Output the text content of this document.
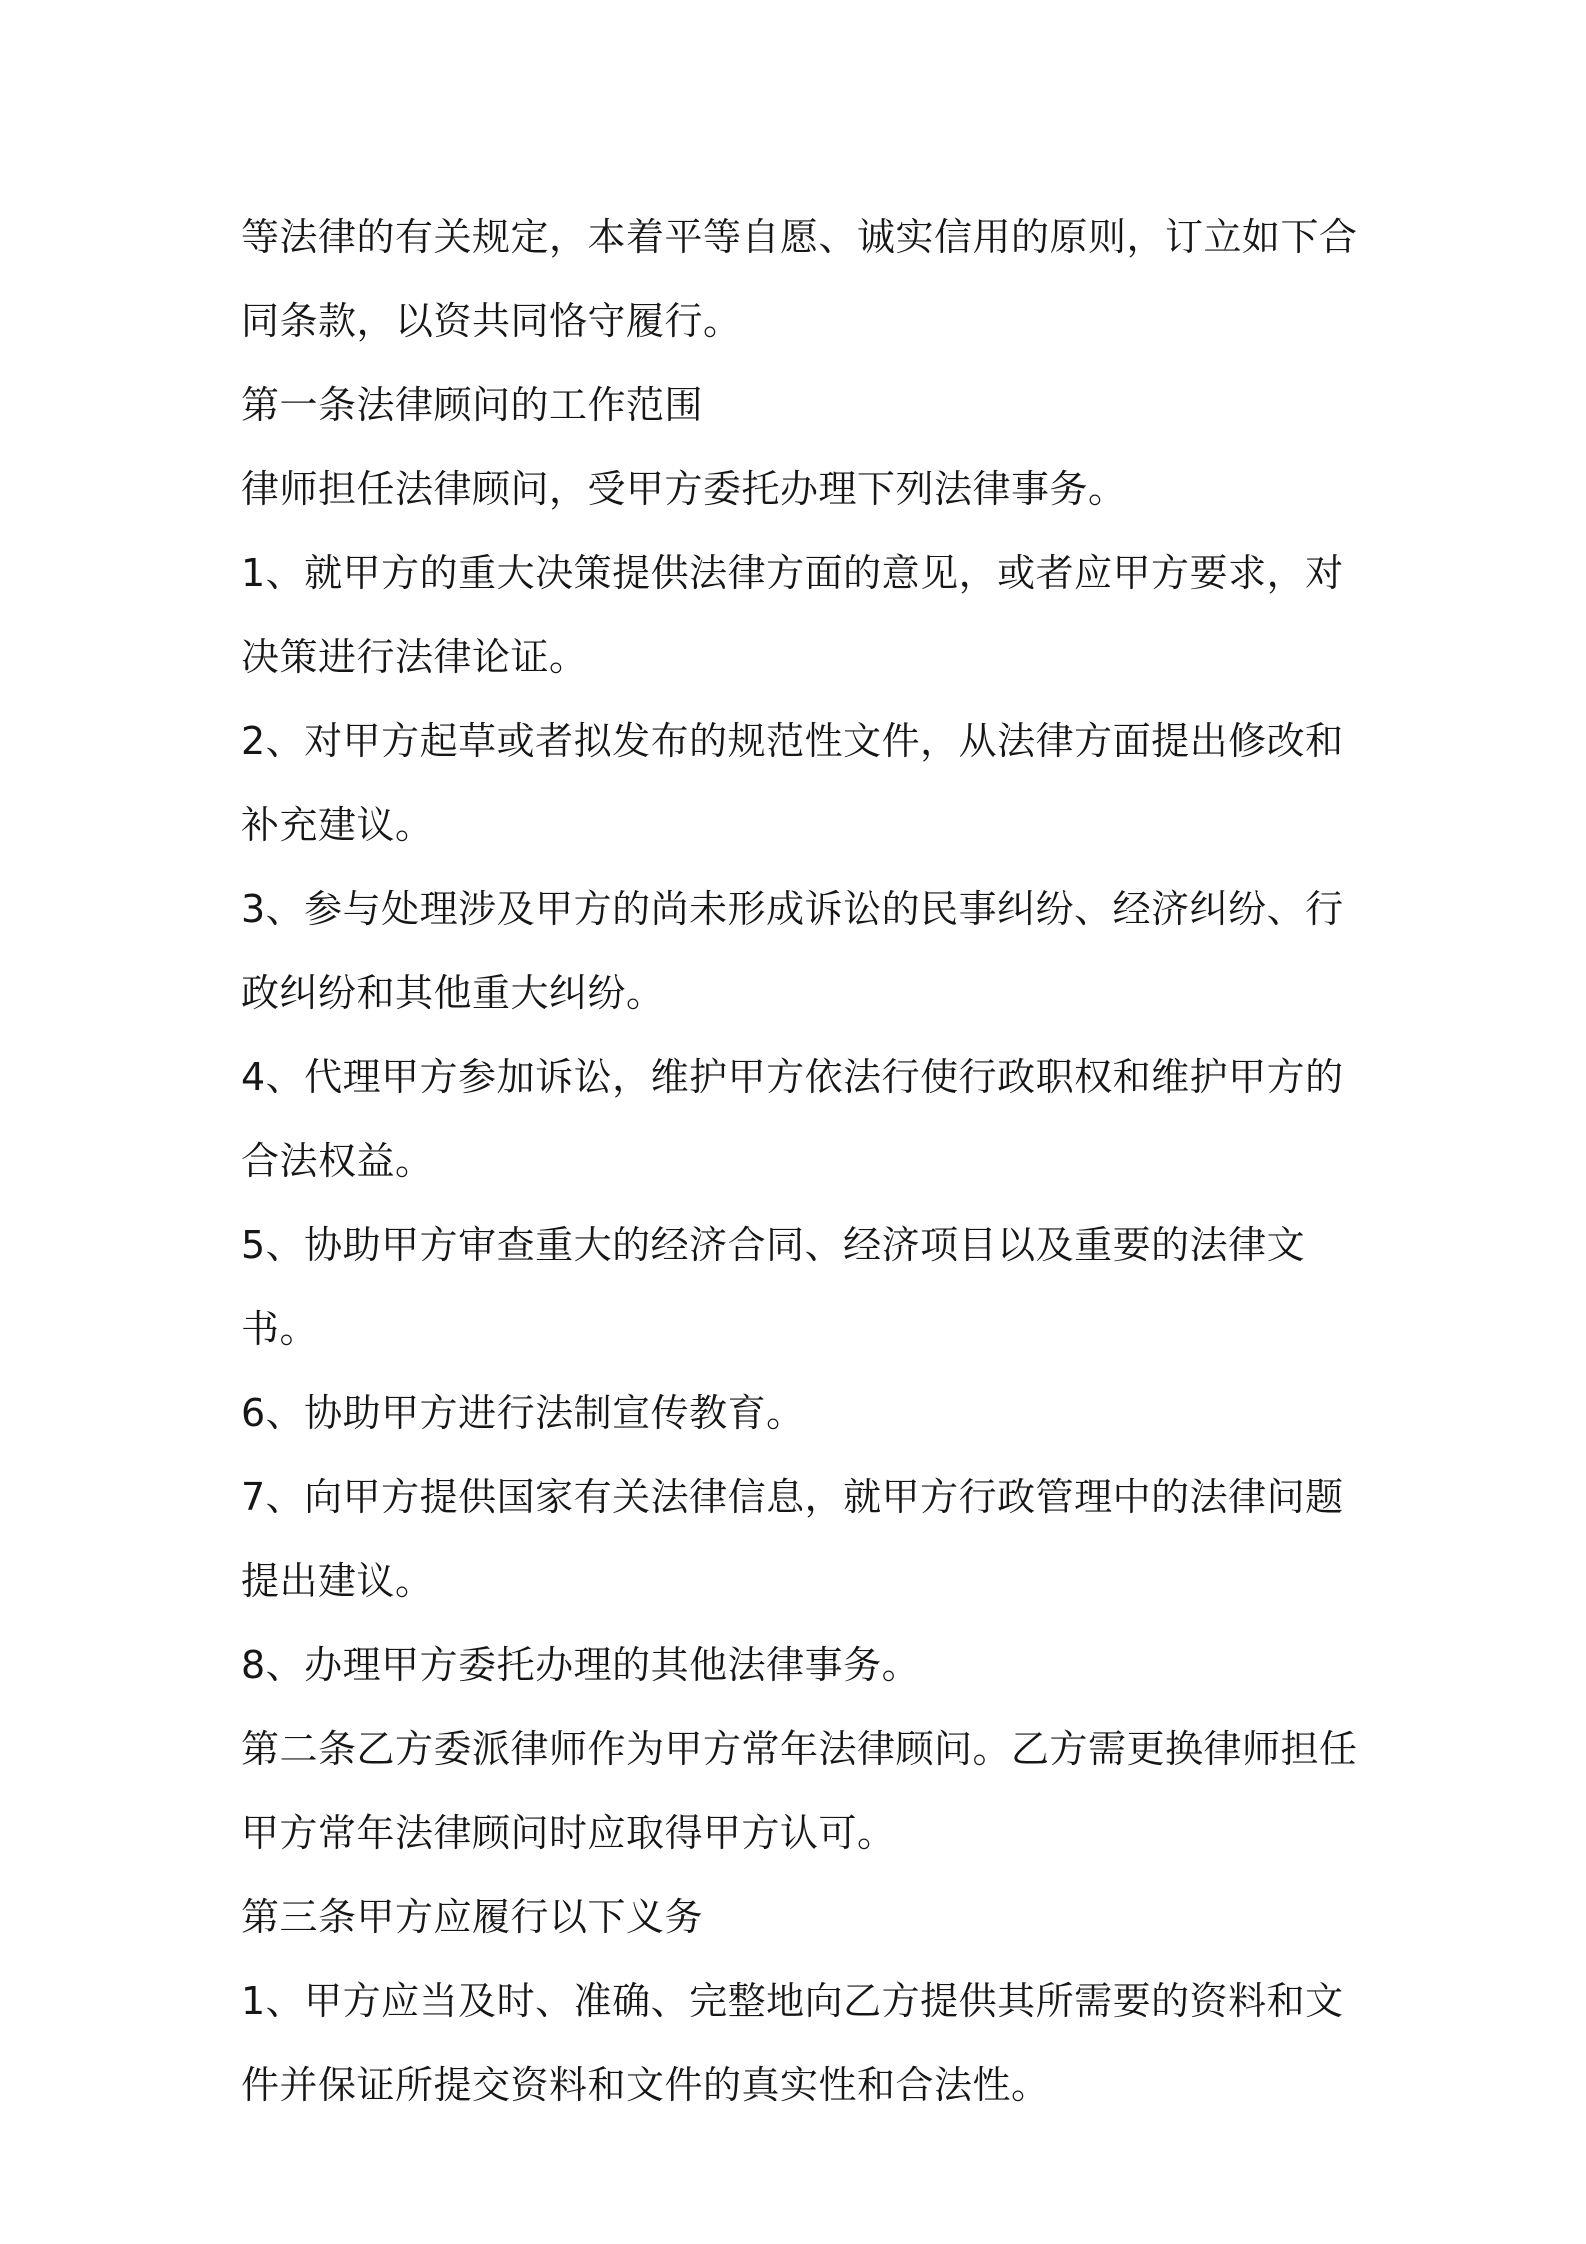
等法律的有关规定，本着平等自愿、诚实信用的原则，订立如下合同条款，以资共同恪守履行。

第一条法律顾问的工作范围

律师担任法律顾问，受甲方委托办理下列法律事务。

1、就甲方的重大决策提供法律方面的意见，或者应甲方要求，对决策进行法律论证。

2、对甲方起草或者拟发布的规范性文件，从法律方面提出修改和补充建议。

3、参与处理涉及甲方的尚未形成诉讼的民事纠纷、经济纠纷、行政纠纷和其他重大纠纷。

4、代理甲方参加诉讼，维护甲方依法行使行政职权和维护甲方的合法权益。

5、协助甲方审查重大的经济合同、经济项目以及重要的法律文书。

6、协助甲方进行法制宣传教育。

7、向甲方提供国家有关法律信息，就甲方行政管理中的法律问题提出建议。

8、办理甲方委托办理的其他法律事务。

第二条乙方委派律师作为甲方常年法律顾问。乙方需更换律师担任甲方常年法律顾问时应取得甲方认可。

第三条甲方应履行以下义务

1、甲方应当及时、准确、完整地向乙方提供其所需要的资料和文件并保证所提交资料和文件的真实性和合法性。
